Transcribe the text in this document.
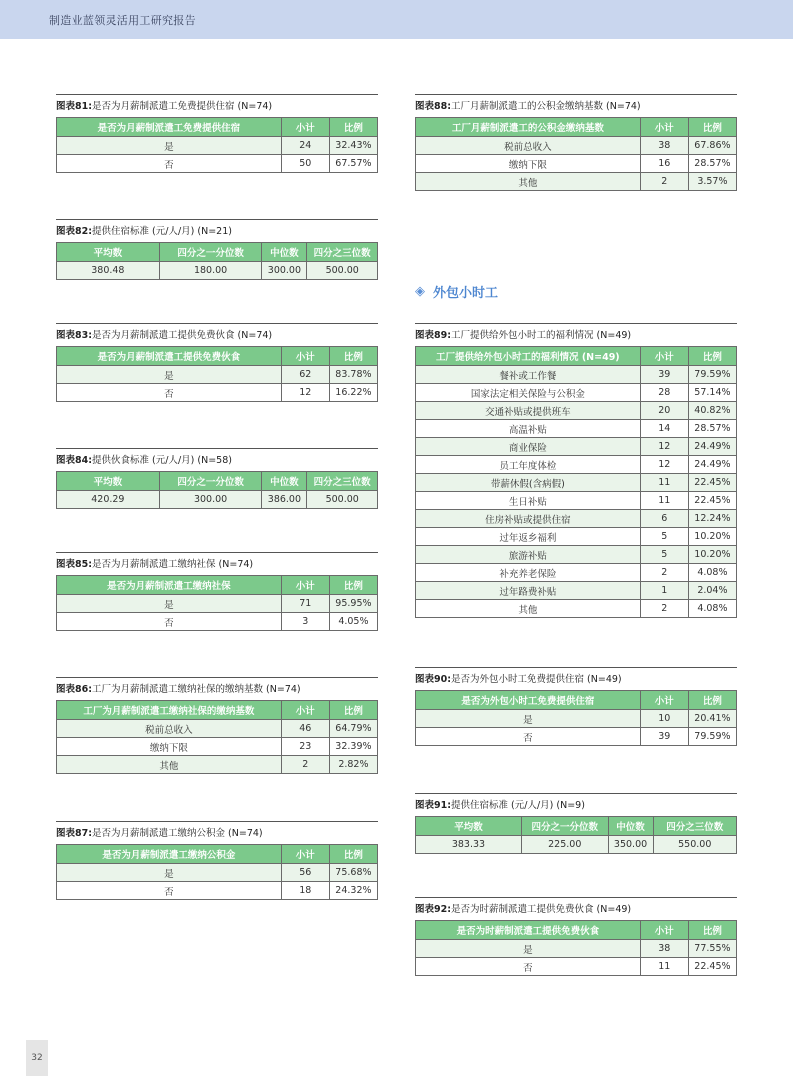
制造业蓝领灵活用工研究报告
图表81:是否为月薪制派遣工免费提供住宿 (N=74)
是否为月薪制派遣工免费提供住宿	小计	比例
是	24	32.43%
否	50	67.57%
图表82:提供住宿标准 (元/人/月) (N=21)
平均数	四分之一分位数	中位数	四分之三位数
380.48	180.00	300.00	500.00
图表83:是否为月薪制派遣工提供免费伙食 (N=74)
是否为月薪制派遣工提供免费伙食	小计	比例
是	62	83.78%
否	12	16.22%
图表84:提供伙食标准 (元/人/月) (N=58)
平均数	四分之一分位数	中位数	四分之三位数
420.29	300.00	386.00	500.00
图表85:是否为月薪制派遣工缴纳社保 (N=74)
是否为月薪制派遣工缴纳社保	小计	比例
是	71	95.95%
否	3	4.05%
图表86:工厂为月薪制派遣工缴纳社保的缴纳基数 (N=74)
工厂为月薪制派遣工缴纳社保的缴纳基数	小计	比例
税前总收入	46	64.79%
缴纳下限	23	32.39%
其他	2	2.82%
图表87:是否为月薪制派遣工缴纳公积金 (N=74)
是否为月薪制派遣工缴纳公积金	小计	比例
是	56	75.68%
否	18	24.32%
◈ 外包小时工
图表88:工厂月薪制派遣工的公积金缴纳基数 (N=74)
工厂月薪制派遣工的公积金缴纳基数	小计	比例
税前总收入	38	67.86%
缴纳下限	16	28.57%
其他	2	3.57%
图表89:工厂提供给外包小时工的福利情况 (N=49)
工厂提供给外包小时工的福利情况 (N=49)	小计	比例
餐补或工作餐	39	79.59%
国家法定相关保险与公积金	28	57.14%
交通补贴或提供班车	20	40.82%
高温补贴	14	28.57%
商业保险	12	24.49%
员工年度体检	12	24.49%
带薪休假(含病假)	11	22.45%
生日补贴	11	22.45%
住房补贴或提供住宿	6	12.24%
过年返乡福利	5	10.20%
旅游补贴	5	10.20%
补充养老保险	2	4.08%
过年路费补贴	1	2.04%
其他	2	4.08%
图表90:是否为外包小时工免费提供住宿 (N=49)
是否为外包小时工免费提供住宿	小计	比例
是	10	20.41%
否	39	79.59%
图表91:提供住宿标准 (元/人/月) (N=9)
平均数	四分之一分位数	中位数	四分之三位数
383.33	225.00	350.00	550.00
图表92:是否为时薪制派遣工提供免费伙食 (N=49)
是否为时薪制派遣工提供免费伙食	小计	比例
是	38	77.55%
否	11	22.45%
32
